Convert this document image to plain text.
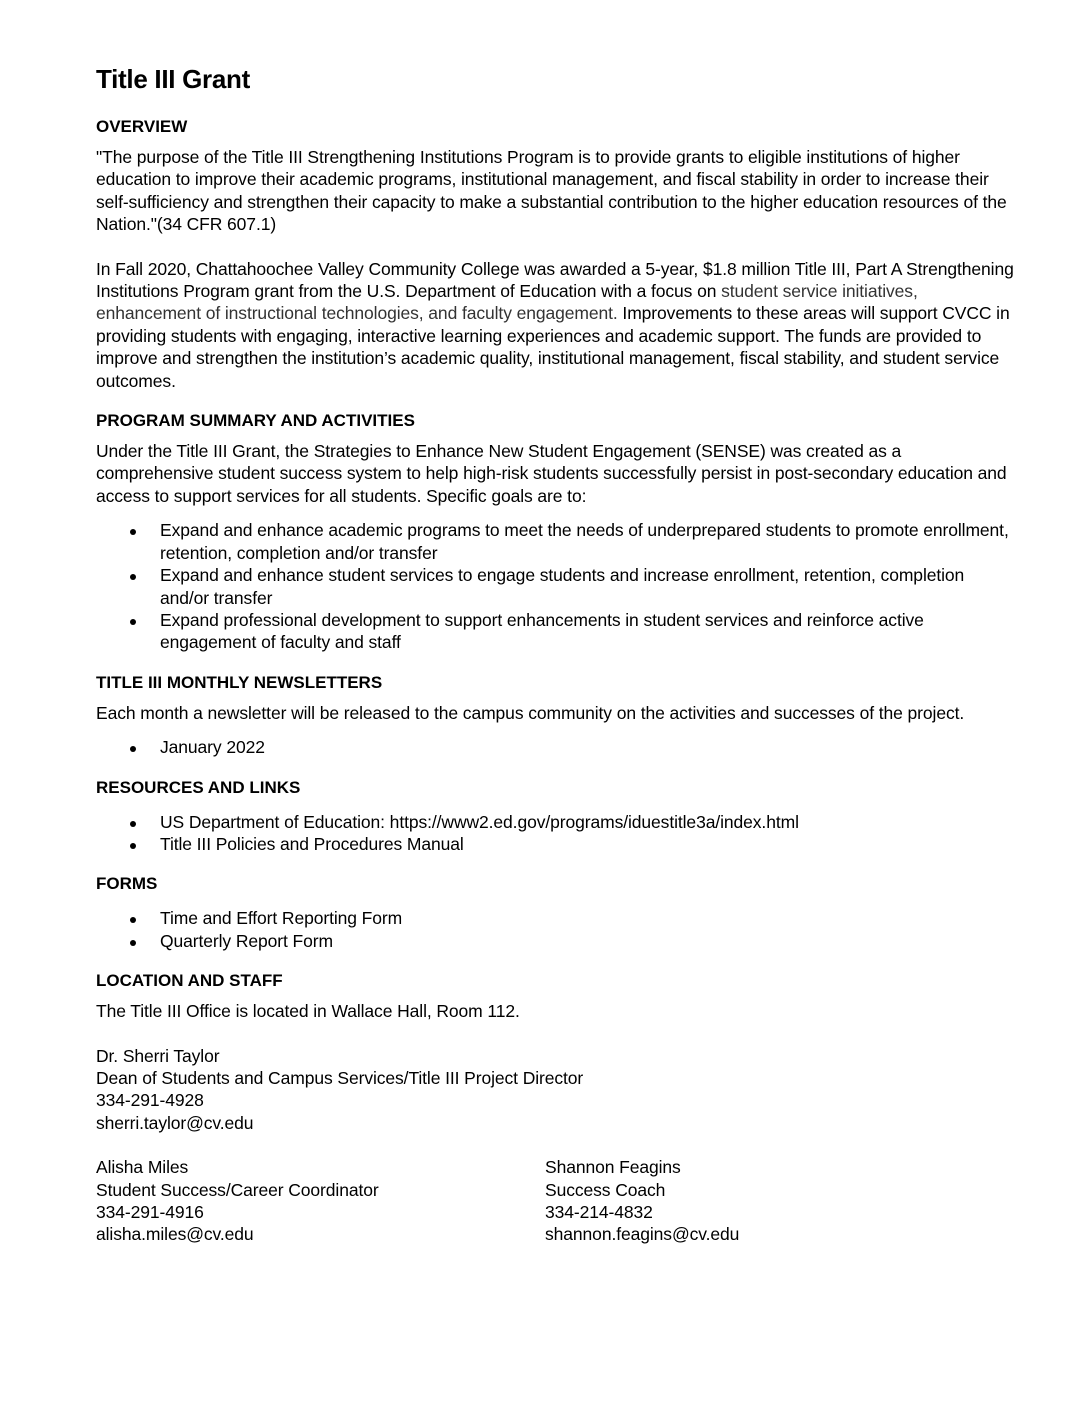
Title III Grant
OVERVIEW

"The purpose of the Title III Strengthening Institutions Program is to provide grants to eligible institutions of higher education to improve their academic programs, institutional management, and fiscal stability in order to increase their self-sufficiency and strengthen their capacity to make a substantial contribution to the higher education resources of the Nation."(34 CFR 607.1)

In Fall 2020, Chattahoochee Valley Community College was awarded a 5-year, $1.8 million Title III, Part A Strengthening Institutions Program grant from the U.S. Department of Education with a focus on student service initiatives, enhancement of instructional technologies, and faculty engagement. Improvements to these areas will support CVCC in providing students with engaging, interactive learning experiences and academic support. The funds are provided to improve and strengthen the institution’s academic quality, institutional management, fiscal stability, and student service outcomes.

PROGRAM SUMMARY AND ACTIVITIES

Under the Title III Grant, the Strategies to Enhance New Student Engagement (SENSE) was created as a comprehensive student success system to help high-risk students successfully persist in post-secondary education and access to support services for all students. Specific goals are to:

Expand and enhance academic programs to meet the needs of underprepared students to promote enrollment, retention, completion and/or transfer
Expand and enhance student services to engage students and increase enrollment, retention, completion and/or transfer
Expand professional development to support enhancements in student services and reinforce active engagement of faculty and staff
TITLE III MONTHLY NEWSLETTERS

Each month a newsletter will be released to the campus community on the activities and successes of the project.

January 2022
RESOURCES AND LINKS
US Department of Education: https://www2.ed.gov/programs/iduestitle3a/index.html
Title III Policies and Procedures Manual
FORMS
Time and Effort Reporting Form
Quarterly Report Form
LOCATION AND STAFF

The Title III Office is located in Wallace Hall, Room 112.

Dr. Sherri Taylor
Dean of Students and Campus Services/Title III Project Director
334-291-4928
sherri.taylor@cv.edu
Alisha Miles
Student Success/Career Coordinator
334-291-4916
alisha.miles@cv.edu
Shannon Feagins
Success Coach
334-214-4832
shannon.feagins@cv.edu
